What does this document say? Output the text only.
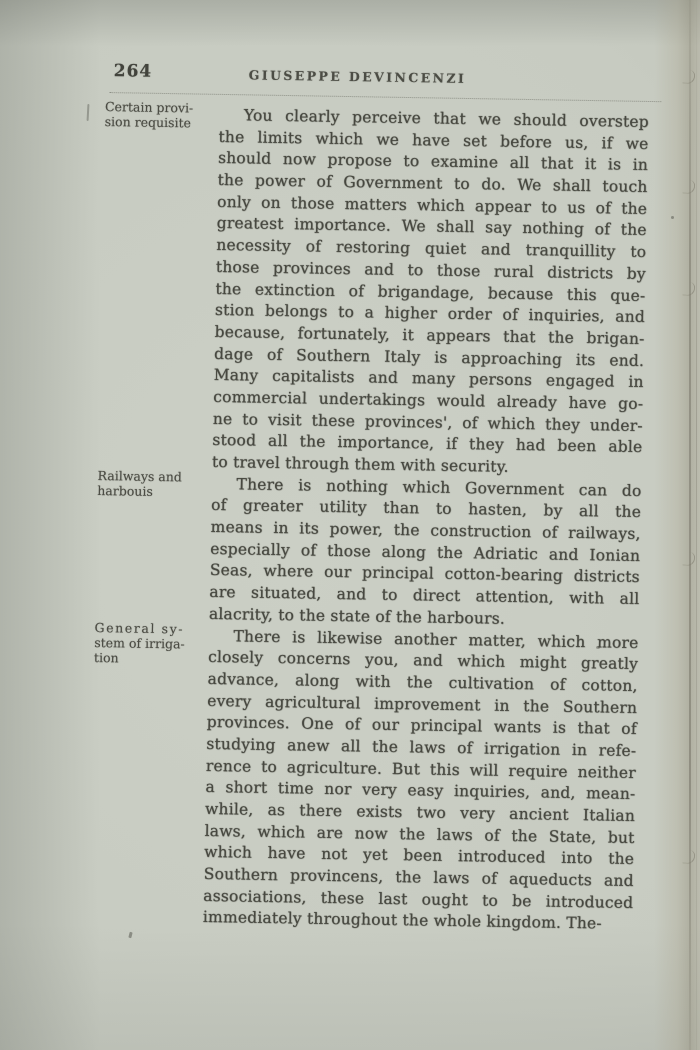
264	GIUSEPPE DEVINCENZI
You clearly perceive that we should overstep
the limits which we have set before us, if we
should now propose to examine all that it is in
the power of Government to do. We shall touch
only on those matters which appear to us of the
greatest importance. We shall say nothing of the
necessity of restoring quiet and tranquillity to
those provinces and to those rural districts by
the extinction of brigandage, because this que-
stion belongs to a higher order of inquiries, and
because, fortunately, it appears that the brigan-
dage of Southern Italy is approaching its end.
Many capitalists and many persons engaged in
commercial undertakings would already have go-
ne to visit these provinces', of which they under-
stood all the importance, if they had been able
to travel through them with security.
There is nothing which Government can do
of greater utility than to hasten, by all the
means in its power, the construction of railways,
especially of those along the Adriatic and Ionian
Seas, where our principal cotton-bearing districts
are situated, and to direct attention, with all
alacrity, to the state of the harbours.
There is likewise another matter, which more
closely concerns you, and which might greatly
advance, along with the cultivation of cotton,
every agricultural improvement in the Southern
provinces. One of our principal wants is that of
studying anew all the laws of irrigation in refe-
rence to agriculture. But this will require neither
a short time nor very easy inquiries, and, mean-
while, as there exists two very ancient Italian
laws, which are now the laws of the State, but
which have not yet been introduced into the
Southern provincens, the laws of aqueducts and
associations, these last ought to be introduced
immediately throughout the whole kingdom. The-
Certain provi-
sion requisite
Railways and
harbouis
General sy-
stem of irriga-
tion
